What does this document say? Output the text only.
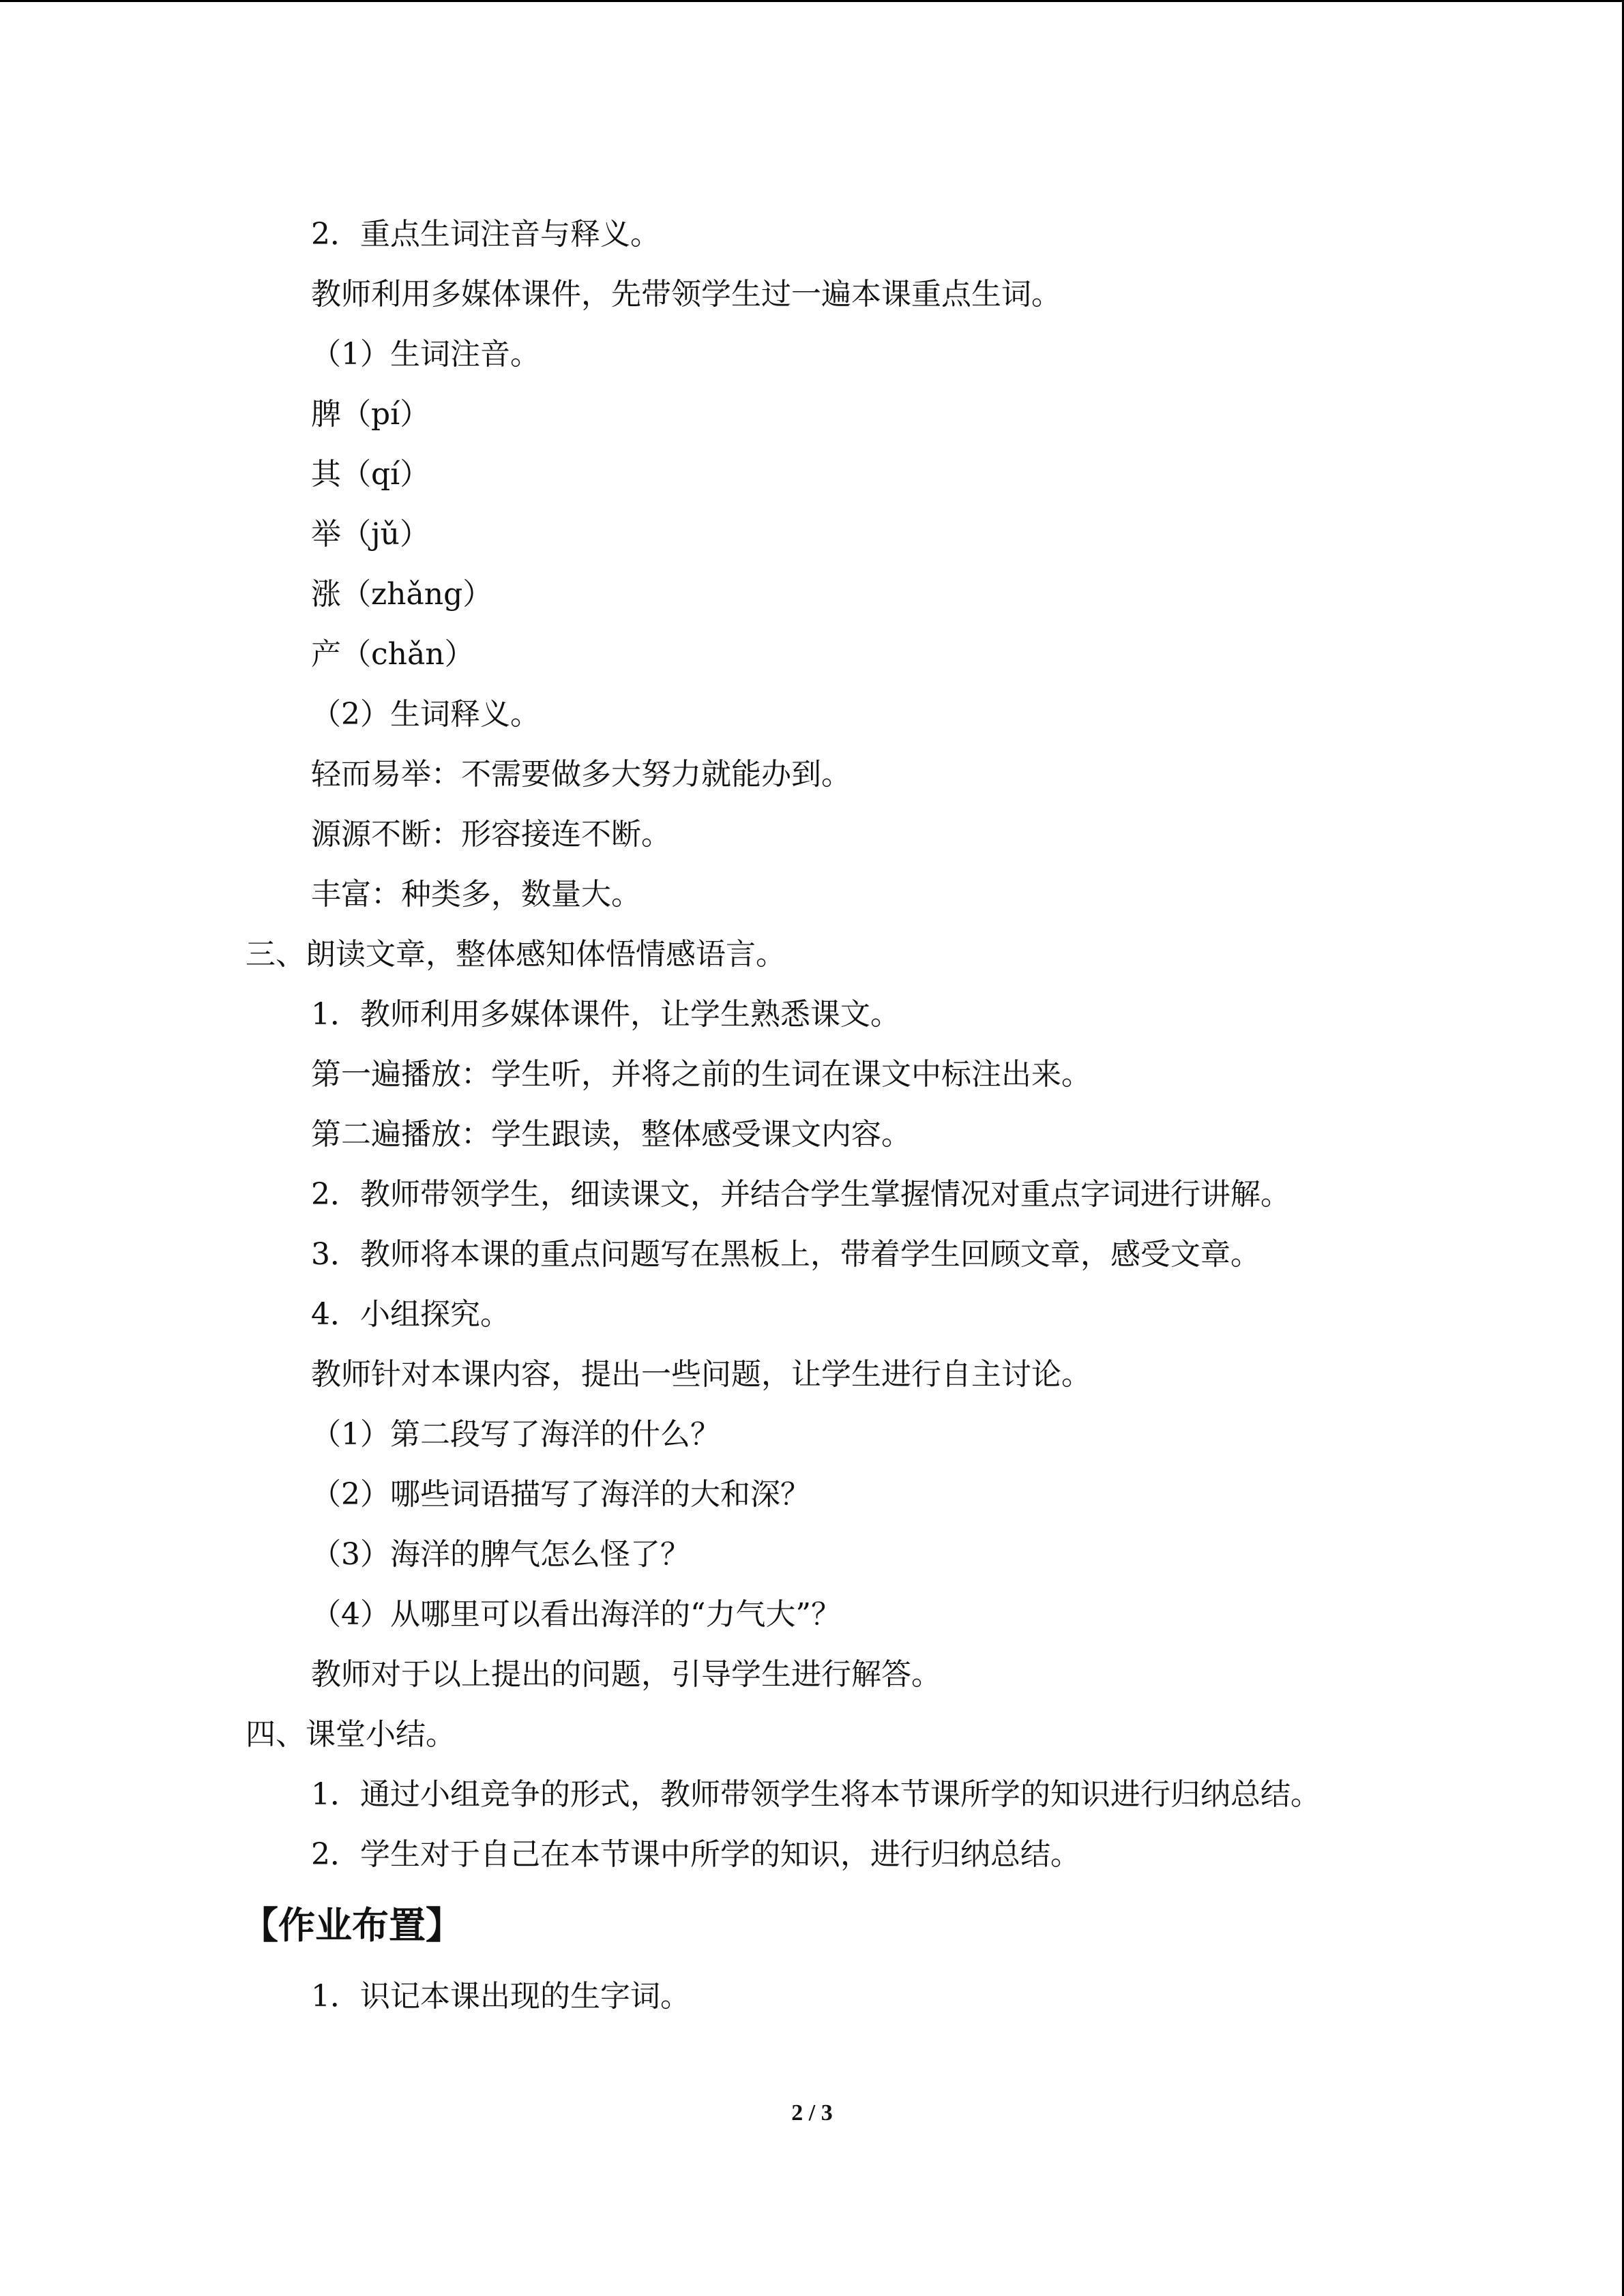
2．重点生词注音与释义。

教师利用多媒体课件，先带领学生过一遍本课重点生词。

（1）生词注音。

脾（pí）

其（qí）

举（jǔ）

涨（zhǎng）

产（chǎn）

（2）生词释义。

轻而易举：不需要做多大努力就能办到。

源源不断：形容接连不断。

丰富：种类多，数量大。

三、朗读文章，整体感知体悟情感语言。

1．教师利用多媒体课件，让学生熟悉课文。

第一遍播放：学生听，并将之前的生词在课文中标注出来。

第二遍播放：学生跟读，整体感受课文内容。

2．教师带领学生，细读课文，并结合学生掌握情况对重点字词进行讲解。

3．教师将本课的重点问题写在黑板上，带着学生回顾文章，感受文章。

4．小组探究。

教师针对本课内容，提出一些问题，让学生进行自主讨论。

（1）第二段写了海洋的什么？

（2）哪些词语描写了海洋的大和深？

（3）海洋的脾气怎么怪了？

（4）从哪里可以看出海洋的“力气大”？

教师对于以上提出的问题，引导学生进行解答。

四、课堂小结。

1．通过小组竞争的形式，教师带领学生将本节课所学的知识进行归纳总结。

2．学生对于自己在本节课中所学的知识，进行归纳总结。

【作业布置】

1．识记本课出现的生字词。

2 / 3
